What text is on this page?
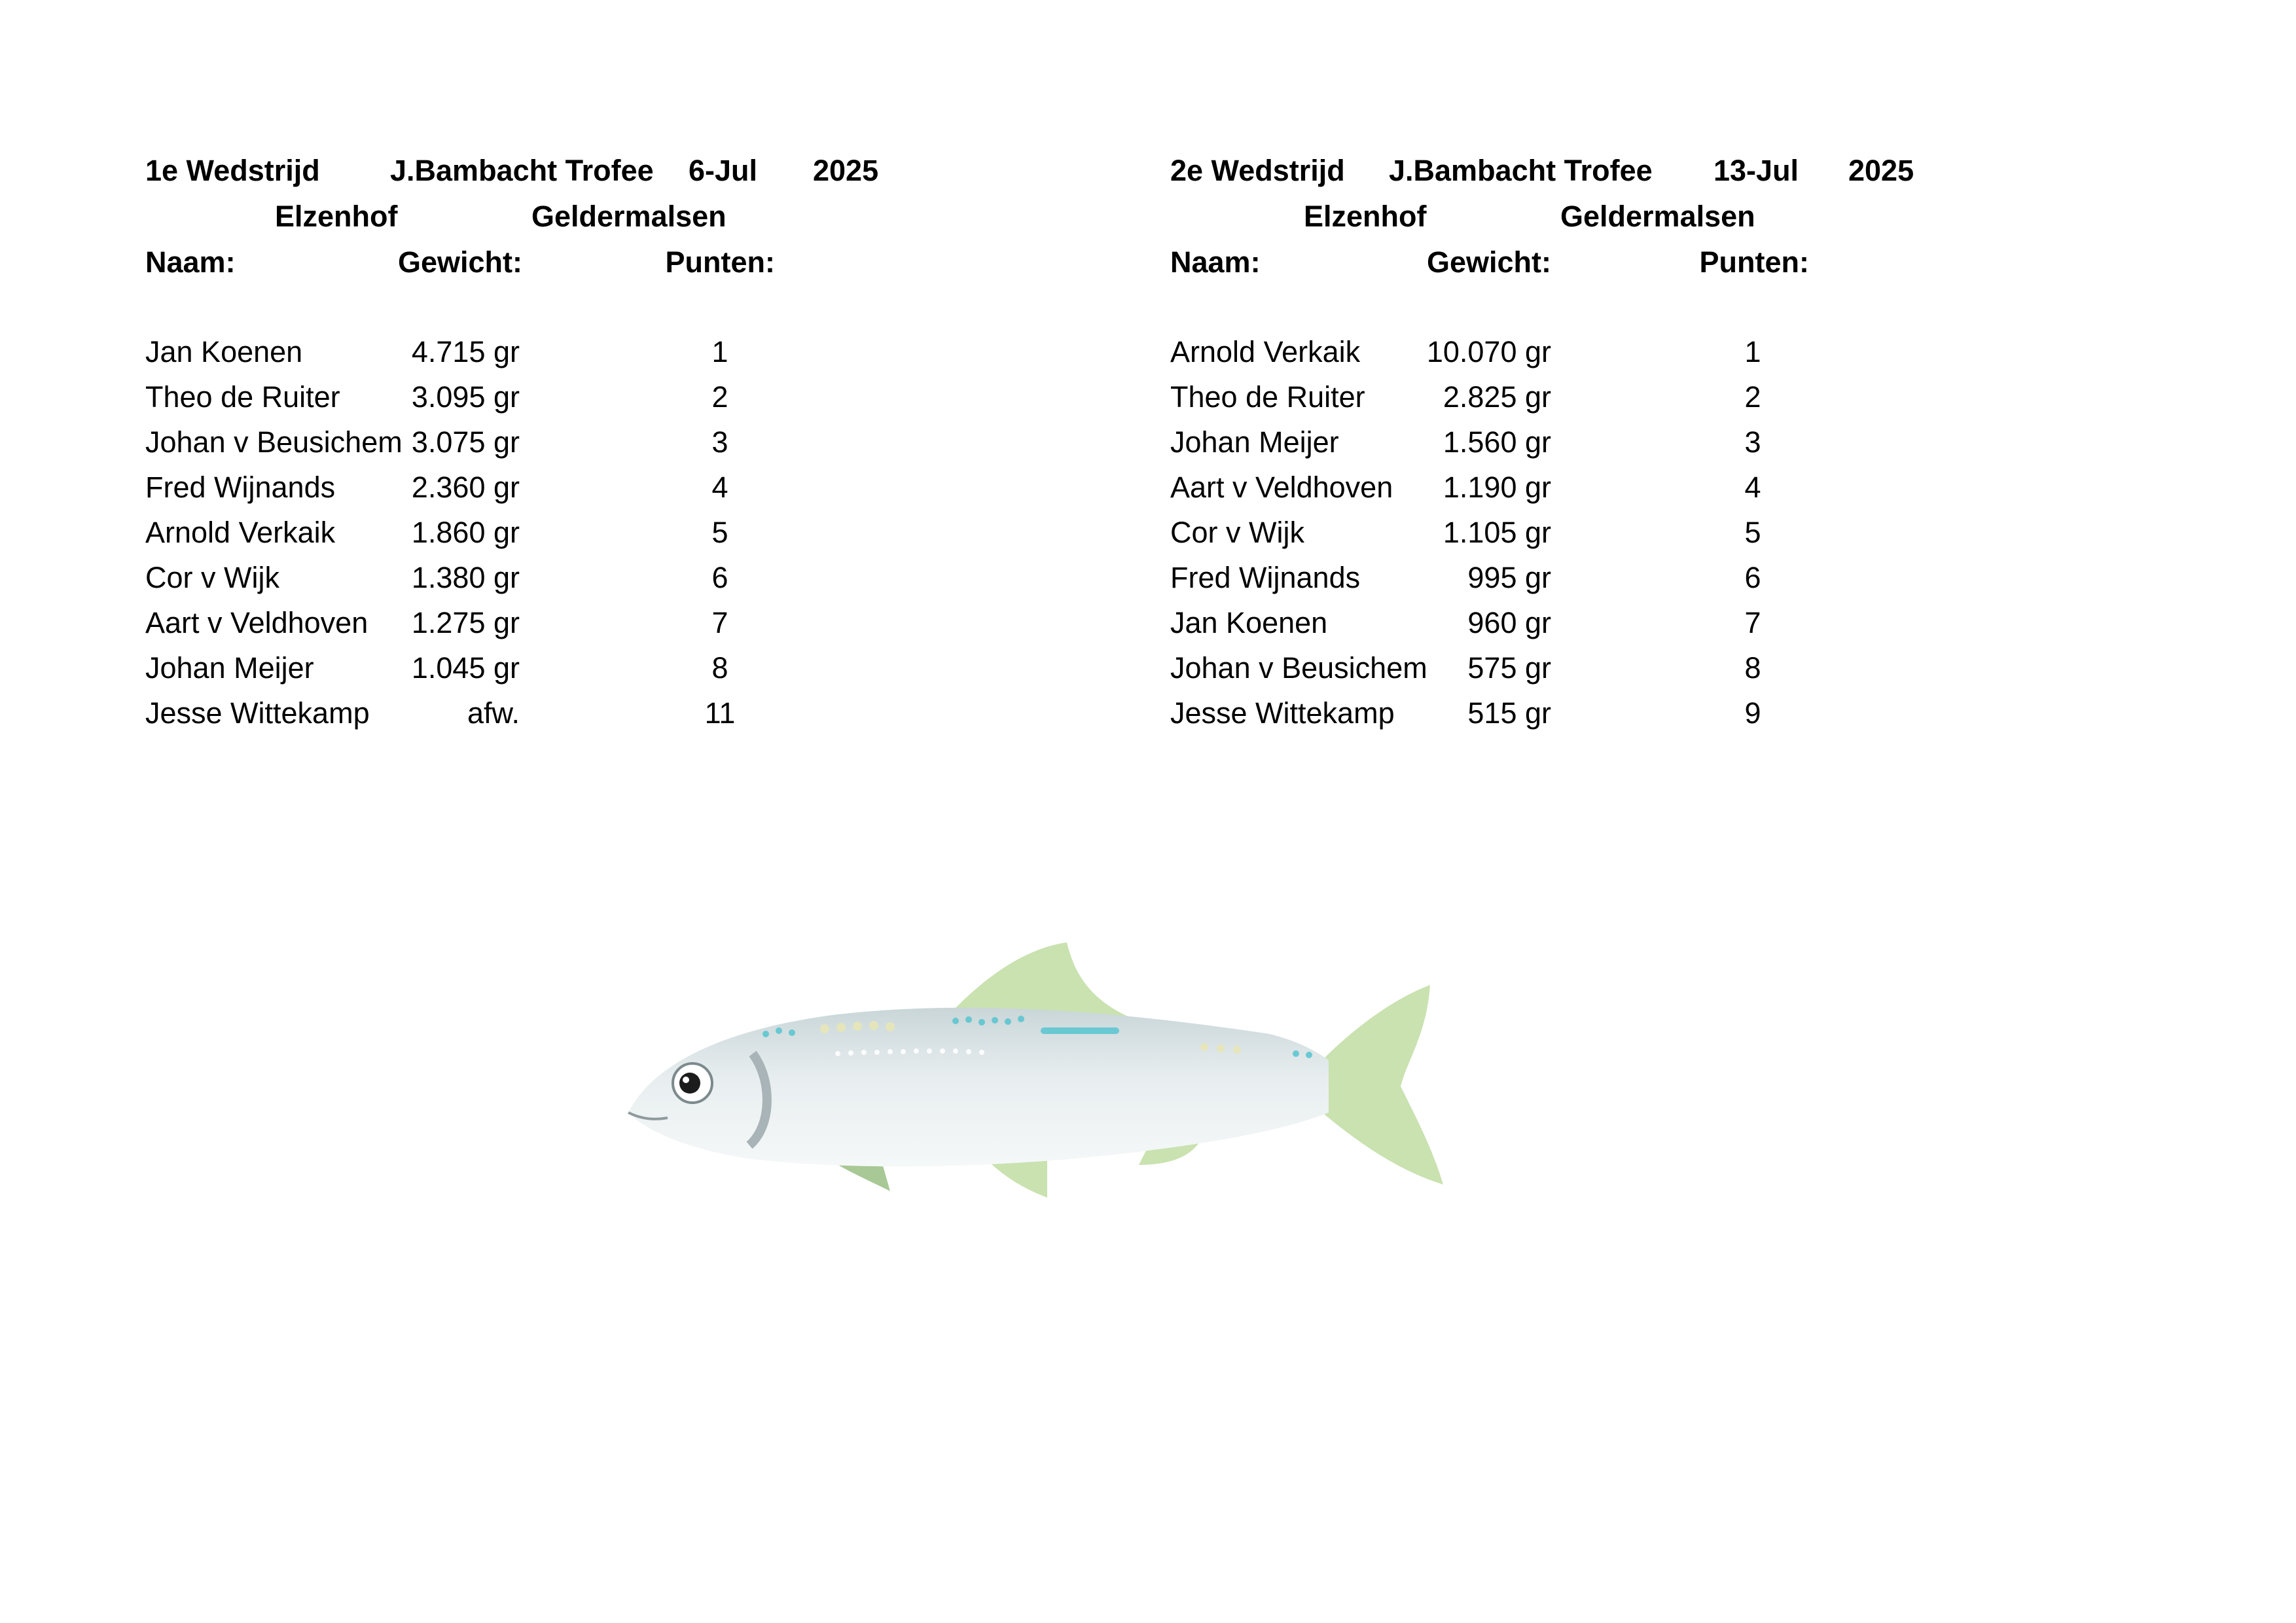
1e Wedstrijd J.Bambacht Trofee 6-Jul 2025
Elzenhof	Geldermalsen
Naam:	Gewicht:	Punten:
Jan Koenen	4.715 gr	1
Theo de Ruiter	3.095 gr	2
Johan v Beusichem 3.075 gr	3
Fred Wijnands	2.360 gr	4
Arnold Verkaik	1.860 gr	5
Cor v Wijk	1.380 gr	6
Aart v Veldhoven	1.275 gr	7
Johan Meijer	1.045 gr	8
Jesse Wittekamp	afw.	11
2e Wedstrijd J.Bambacht Trofee 13-Jul 2025
Elzenhof	Geldermalsen
Naam:	Gewicht:	Punten:
Arnold Verkaik	10.070 gr	1
Theo de Ruiter	2.825 gr	2
Johan Meijer	1.560 gr	3
Aart v Veldhoven	1.190 gr	4
Cor v Wijk	1.105 gr	5
Fred Wijnands	995 gr	6
Jan Koenen	960 gr	7
Johan v Beusichem	575 gr	8
Jesse Wittekamp	515 gr	9
